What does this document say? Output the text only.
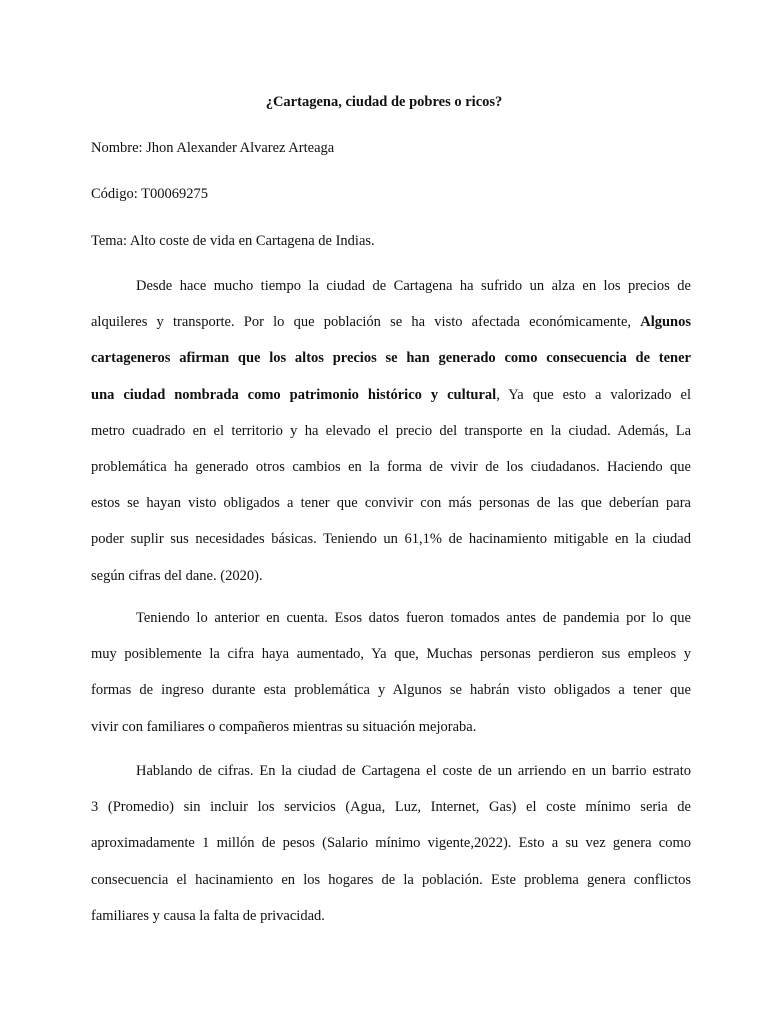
¿Cartagena, ciudad de pobres o ricos?
Nombre: Jhon Alexander Alvarez Arteaga
Código: T00069275
Tema: Alto coste de vida en Cartagena de Indias.
Desde hace mucho tiempo la ciudad de Cartagena ha sufrido un alza en los precios de
alquileres y transporte. Por lo que población se ha visto afectada económicamente, Algunos
cartageneros afirman que los altos precios se han generado como consecuencia de tener
una ciudad nombrada como patrimonio histórico y cultural, Ya que esto a valorizado el
metro cuadrado en el territorio y ha elevado el precio del transporte en la ciudad. Además, La
problemática ha generado otros cambios en la forma de vivir de los ciudadanos. Haciendo que
estos se hayan visto obligados a tener que convivir con más personas de las que deberían para
poder suplir sus necesidades básicas. Teniendo un 61,1% de hacinamiento mitigable en la ciudad
según cifras del dane. (2020).
Teniendo lo anterior en cuenta. Esos datos fueron tomados antes de pandemia por lo que
muy posiblemente la cifra haya aumentado, Ya que, Muchas personas perdieron sus empleos y
formas de ingreso durante esta problemática y Algunos se habrán visto obligados a tener que
vivir con familiares o compañeros mientras su situación mejoraba.
Hablando de cifras. En la ciudad de Cartagena el coste de un arriendo en un barrio estrato
3 (Promedio) sin incluir los servicios (Agua, Luz, Internet, Gas) el coste mínimo seria de
aproximadamente 1 millón de pesos (Salario mínimo vigente,2022). Esto a su vez genera como
consecuencia el hacinamiento en los hogares de la población. Este problema genera conflictos
familiares y causa la falta de privacidad.
